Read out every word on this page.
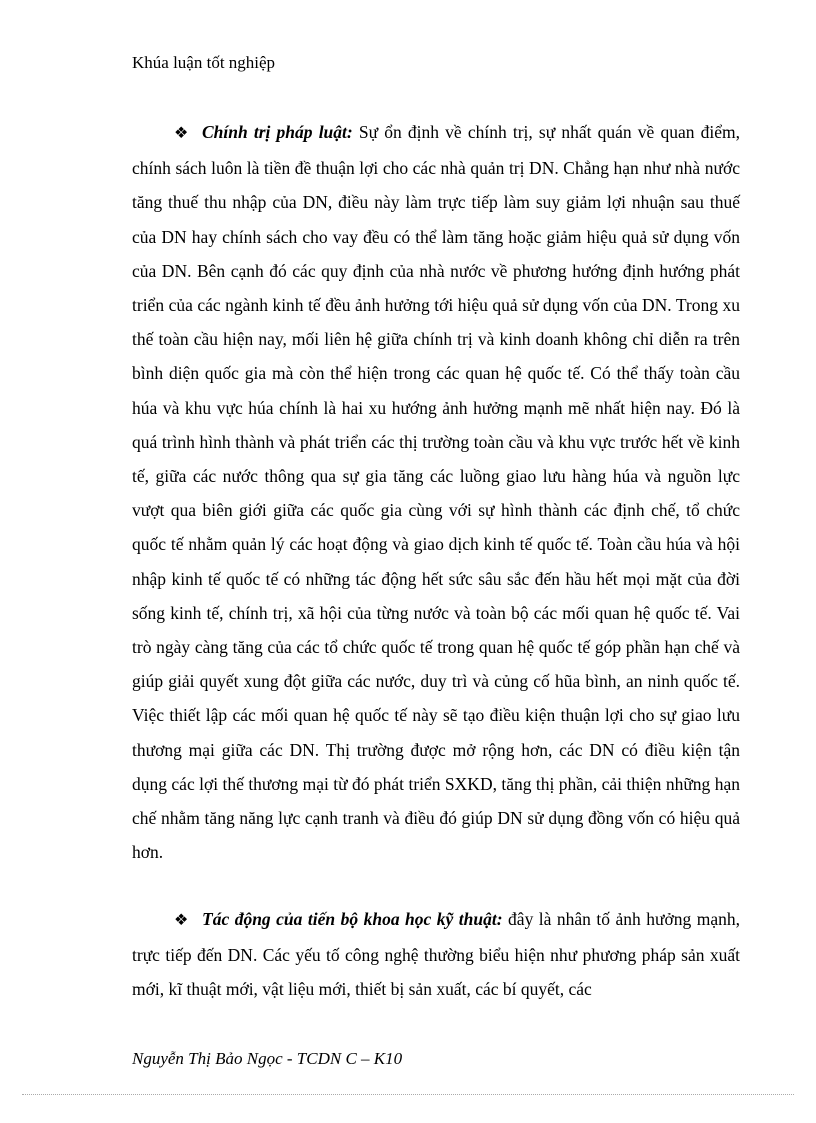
Khúa luận tốt nghiệp

❖ Chính trị pháp luật: Sự ổn định về chính trị, sự nhất quán về quan điểm, chính sách luôn là tiền đề thuận lợi cho các nhà quản trị DN. Chẳng hạn như nhà nước tăng thuế thu nhập của DN, điều này làm trực tiếp làm suy giảm lợi nhuận sau thuế của DN hay chính sách cho vay đều có thể làm tăng hoặc giảm hiệu quả sử dụng vốn của DN. Bên cạnh đó các quy định của nhà nước về phương hướng định hướng phát triển của các ngành kinh tế đều ảnh hưởng tới hiệu quả sử dụng vốn của DN. Trong xu thế toàn cầu hiện nay, mối liên hệ giữa chính trị và kinh doanh không chỉ diễn ra trên bình diện quốc gia mà còn thể hiện trong các quan hệ quốc tế. Có thể thấy toàn cầu húa và khu vực húa chính là hai xu hướng ảnh hưởng mạnh mẽ nhất hiện nay. Đó là quá trình hình thành và phát triển các thị trường toàn cầu và khu vực trước hết về kinh tế, giữa các nước thông qua sự gia tăng các luồng giao lưu hàng húa và nguồn lực vượt qua biên giới giữa các quốc gia cùng với sự hình thành các định chế, tổ chức quốc tế nhằm quản lý các hoạt động và giao dịch kinh tế quốc tế. Toàn cầu húa và hội nhập kinh tế quốc tế có những tác động hết sức sâu sắc đến hầu hết mọi mặt của đời sống kinh tế, chính trị, xã hội của từng nước và toàn bộ các mối quan hệ quốc tế. Vai trò ngày càng tăng của các tổ chức quốc tế trong quan hệ quốc tế góp phần hạn chế và giúp giải quyết xung đột giữa các nước, duy trì và củng cố hũa bình, an ninh quốc tế. Việc thiết lập các mối quan hệ quốc tế này sẽ tạo điều kiện thuận lợi cho sự giao lưu thương mại giữa các DN. Thị trường được mở rộng hơn, các DN có điều kiện tận dụng các lợi thế thương mại từ đó phát triển SXKD, tăng thị phần, cải thiện những hạn chế nhằm tăng năng lực cạnh tranh và điều đó giúp DN sử dụng đồng vốn có hiệu quả hơn.

❖ Tác động của tiến bộ khoa học kỹ thuật: đây là nhân tố ảnh hưởng mạnh, trực tiếp đến DN. Các yếu tố công nghệ thường biểu hiện như phương pháp sản xuất mới, kĩ thuật mới, vật liệu mới, thiết bị sản xuất, các bí quyết, các

Nguyễn Thị Bảo Ngọc - TCDN C – K10
